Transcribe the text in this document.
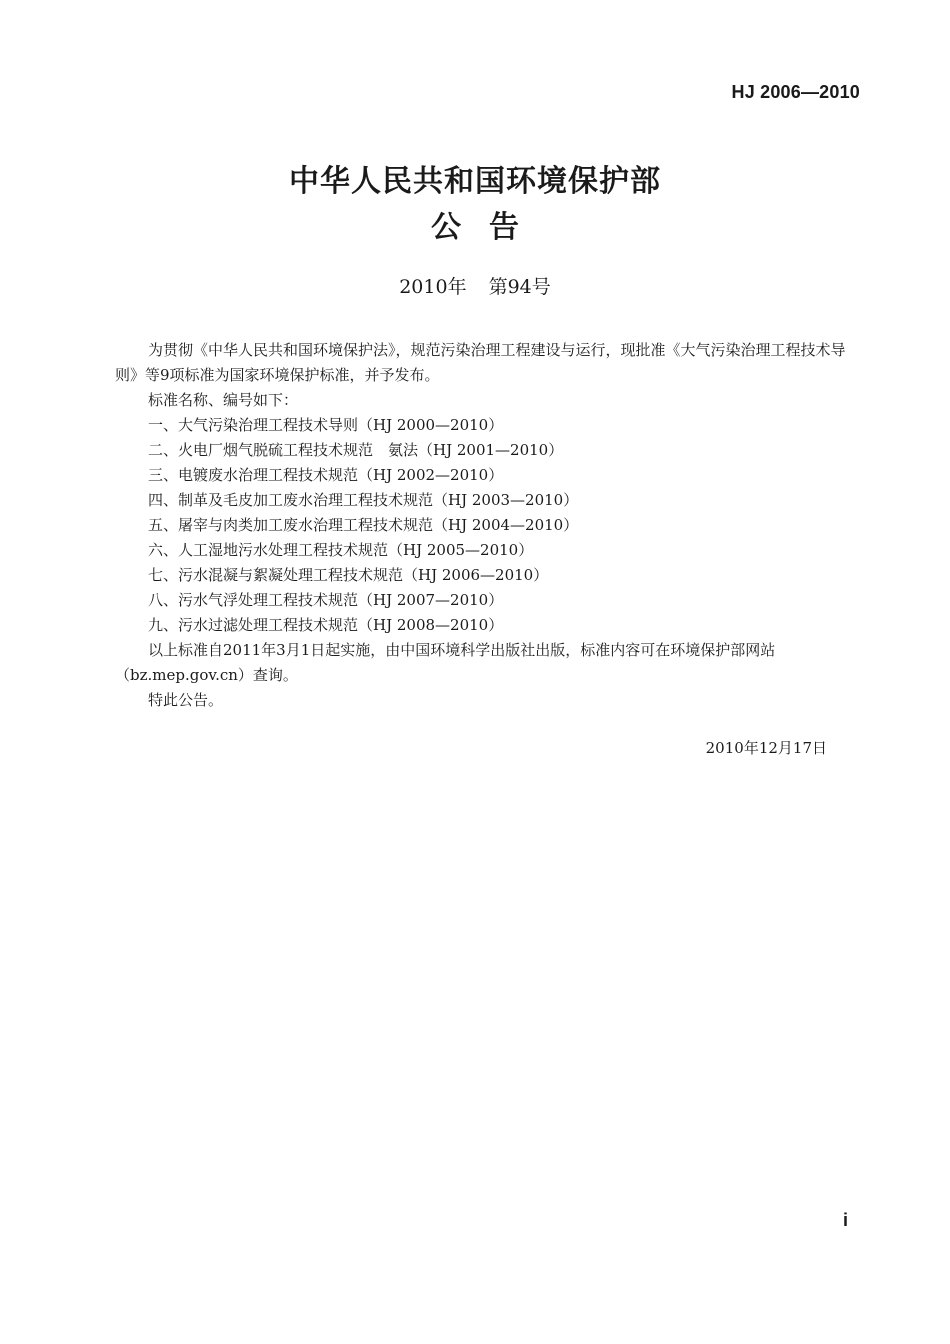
HJ 2006—2010
中华人民共和国环境保护部
公告
2010年 第94号

为贯彻《中华人民共和国环境保护法》，规范污染治理工程建设与运行，现批准《大气污染治理工程技术导则》等9项标准为国家环境保护标准，并予发布。

标准名称、编号如下：

一、大气污染治理工程技术导则（HJ 2000—2010）
二、火电厂烟气脱硫工程技术规范　氨法（HJ 2001—2010）
三、电镀废水治理工程技术规范（HJ 2002—2010）
四、制革及毛皮加工废水治理工程技术规范（HJ 2003—2010）
五、屠宰与肉类加工废水治理工程技术规范（HJ 2004—2010）
六、人工湿地污水处理工程技术规范（HJ 2005—2010）
七、污水混凝与絮凝处理工程技术规范（HJ 2006—2010）
八、污水气浮处理工程技术规范（HJ 2007—2010）
九、污水过滤处理工程技术规范（HJ 2008—2010）

以上标准自2011年3月1日起实施，由中国环境科学出版社出版，标准内容可在环境保护部网站（bz.mep.gov.cn）查询。

特此公告。

2010年12月17日
i
